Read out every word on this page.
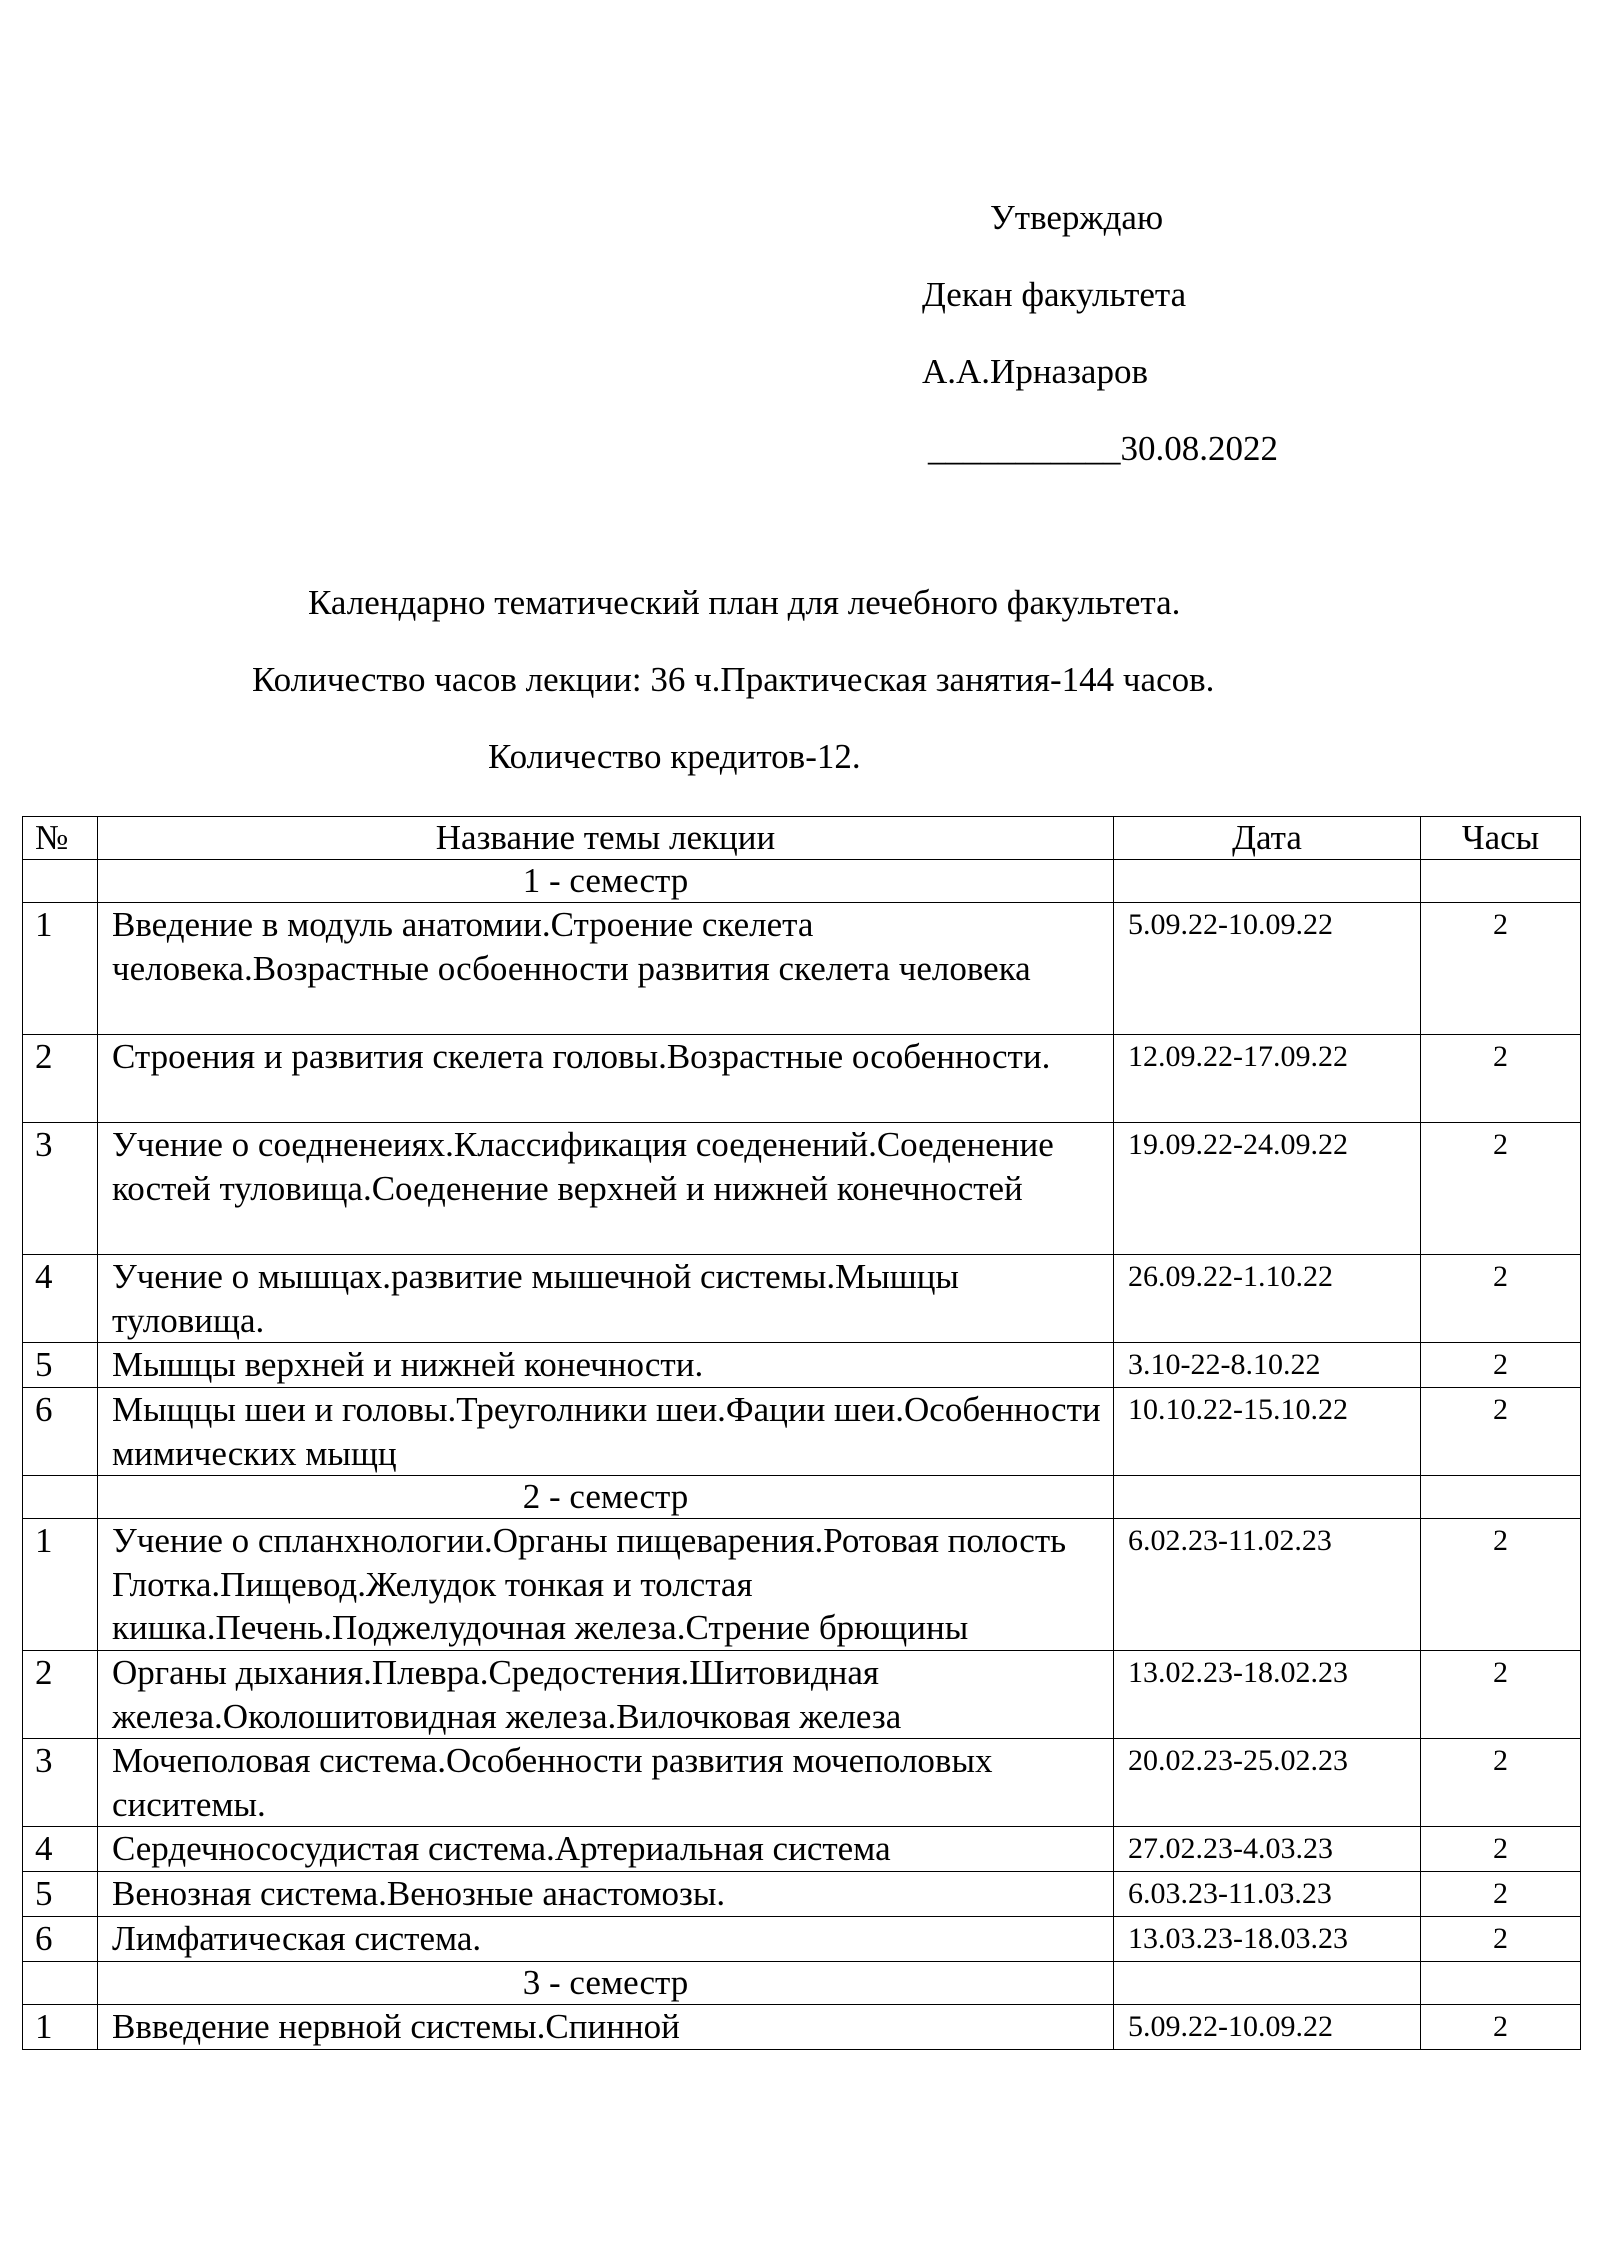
Утверждаю
Декан факультета
А.А.Ирназаров
___________30.08.2022
Календарно тематический план для лечебного факультета.
Количество часов лекции: 36 ч.Практическая занятия-144 часов.
Количество кредитов-12.
№	Название темы лекции	Дата	Часы
	1 - семестр		
1	Введение в модуль анатомии.Строение скелета человека.Возрастные осбоенности развития скелета человека	5.09.22-10.09.22	2
2	Строения и развития скелета головы.Возрастные особенности.	12.09.22-17.09.22	2
3	Учение о соедненеиях.Классификация соеденений.Соеденение костей туловища.Соеденение верхней и нижней конечностей	19.09.22-24.09.22	2
4	Учение о мышцах.развитие мышечной системы.Мышцы туловища.	26.09.22-1.10.22	2
5	Мышцы верхней и нижней конечности.	3.10-22-8.10.22	2
6	Мыщцы шеи и головы.Треуголники шеи.Фации шеи.Особенности мимических мыщц	10.10.22-15.10.22	2
	2 - семестр		
1	Учение о спланхнологии.Органы пищеварения.Ротовая полость Глотка.Пищевод.Желудок тонкая и толстая кишка.Печень.Поджелудочная железа.Стрение брющины	6.02.23-11.02.23	2
2	Органы дыхания.Плевра.Средостения.Шитовидная железа.Околошитовидная железа.Вилочковая железа	13.02.23-18.02.23	2
3	Мочеполовая система.Особенности развития мочеполовых сиситемы.	20.02.23-25.02.23	2
4	Сердечнососудистая система.Артериальная система	27.02.23-4.03.23	2
5	Венозная система.Венозные анастомозы.	6.03.23-11.03.23	2
6	Лимфатическая система.	13.03.23-18.03.23	2
	3 - семестр		
1	Ввведение нервной системы.Спинной	5.09.22-10.09.22	2
